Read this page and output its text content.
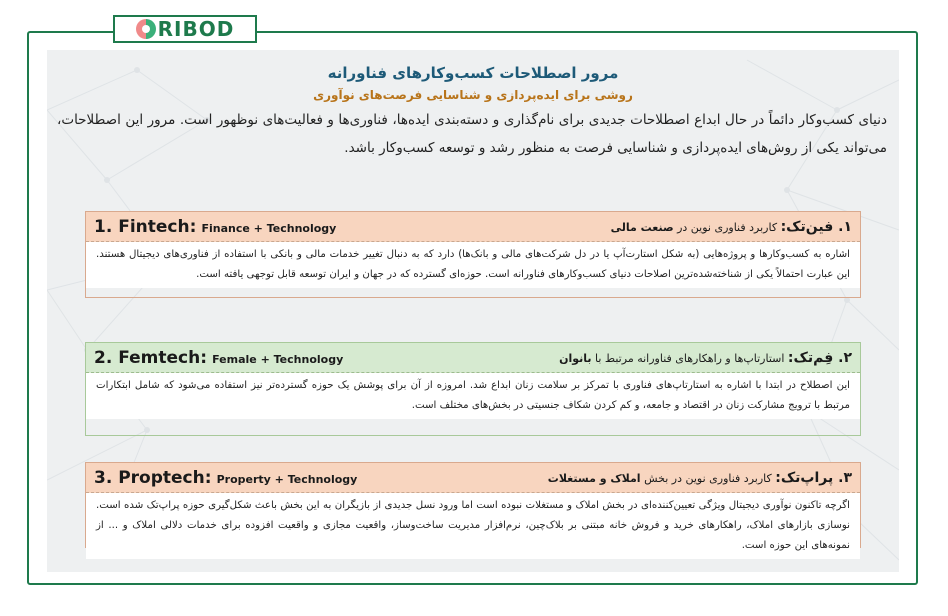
RIBOD
مرور اصطلاحات کسب‌وکارهای فناورانه
روشی برای ایده‌پردازی و شناسایی فرصت‌های نوآوری
دنیای کسب‌وکار دائماً در حال ابداع اصطلاحات جدیدی برای نام‌گذاری و دسته‌بندی ایده‌ها، فناوری‌ها و فعالیت‌های نوظهور است. مرور این اصطلاحات، می‌تواند یکی از روش‌های ایده‌پردازی و شناسایی فرصت به منظور رشد و توسعه کسب‌وکار باشد.
1. Fintech: Finance + Technology	۱. فین‌تک: کاربرد فناوری نوین در صنعت مالی
اشاره به کسب‌وکارها و پروژه‌هایی (به شکل استارت‌آپ یا در دل شرکت‌های مالی و بانک‌ها) دارد که به دنبال تغییر خدمات مالی و بانکی با استفاده از فناوری‌های دیجیتال هستند. این عبارت احتمالاً یکی از شناخته‌شده‌ترین اصلاحات دنیای کسب‌وکارهای فناورانه است. حوزه‌ای گسترده که در جهان و ایران توسعه قابل توجهی یافته است.
2. Femtech: Female + Technology	۲. فِم‌تک: استارتاپ‌ها و راهکارهای فناورانه مرتبط با بانوان
این اصطلاح در ابتدا با اشاره به استارتاپ‌های فناوری با تمرکز بر سلامت زنان ابداع شد. امروزه از آن برای پوشش یک حوزه گسترده‌تر نیز استفاده می‌شود که شامل ابتکارات مرتبط با ترویج مشارکت زنان در اقتصاد و جامعه، و کم کردن شکاف جنسیتی در بخش‌های مختلف است.
3. Proptech: Property + Technology	۳. پراپ‌تک: کاربرد فناوری نوین در بخش املاک و مستغلات
اگرچه تاکنون نوآوری دیجیتال ویژگی تعیین‌کننده‌ای در بخش املاک و مستغلات نبوده است اما ورود نسل جدیدی از بازیگران به این بخش باعث شکل‌گیری حوزه پراپ‌تک شده است. نوسازی بازارهای املاک، راهکارهای خرید و فروش خانه مبتنی بر بلاک‌چین، نرم‌افزار مدیریت ساخت‌وساز، واقعیت مجازی و واقعیت افزوده برای خدمات دلالی املاک و ... از نمونه‌های این حوزه است.
